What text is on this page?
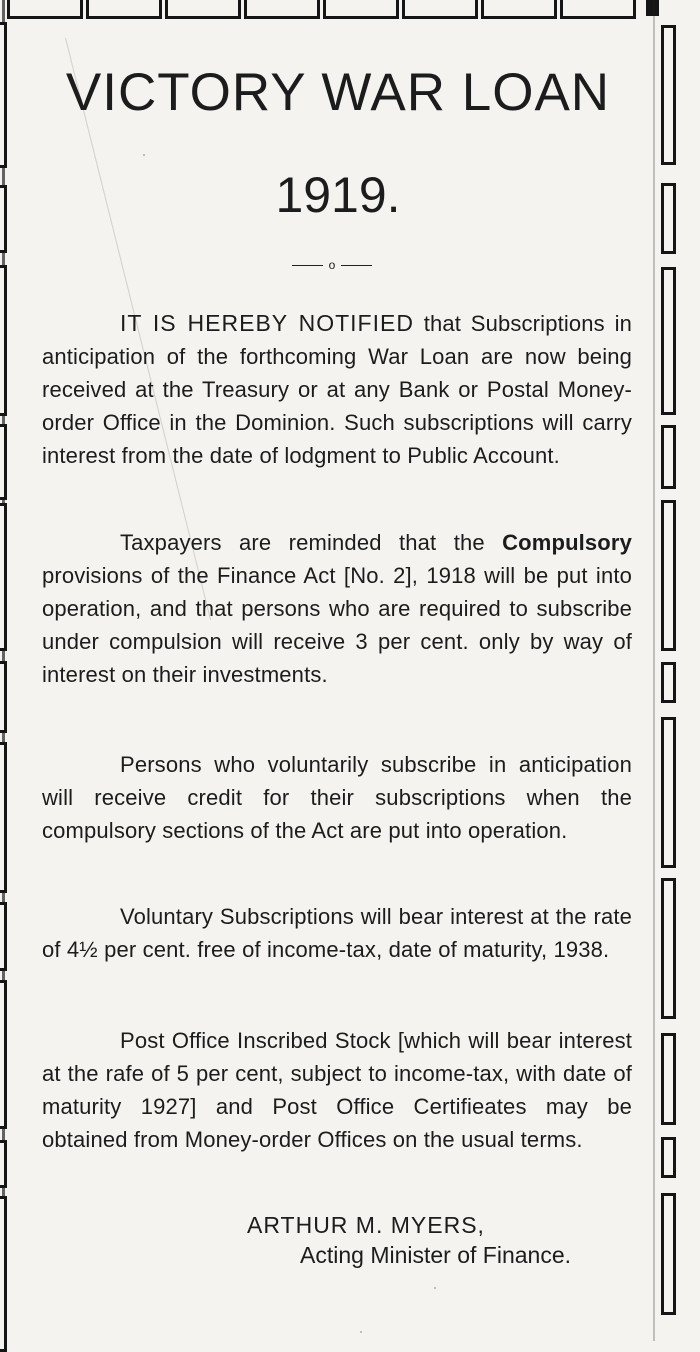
VICTORY WAR LOAN
1919.
o

IT IS HEREBY NOTIFIED that Subscriptions in anticipation of the forthcoming War Loan are now being received at the Treasury or at any Bank or Postal Money-order Office in the Dominion. Such subscriptions will carry interest from the date of lodgment to Public Account.

Taxpayers are reminded that the Compulsory provisions of the Finance Act [No. 2], 1918 will be put into operation, and that persons who are required to subscribe under compulsion will receive 3 per cent. only by way of interest on their investments.

Persons who voluntarily subscribe in anticipation will receive credit for their subscriptions when the compulsory sections of the Act are put into operation.

Voluntary Subscriptions will bear interest at the rate of 4½ per cent. free of income-tax, date of maturity, 1938.

Post Office Inscribed Stock [which will bear interest at the rafe of 5 per cent, subject to income-tax, with date of maturity 1927] and Post Office Certifieates may be obtained from Money-order Offices on the usual terms.

ARTHUR M. MYERS,
Acting Minister of Finance.
